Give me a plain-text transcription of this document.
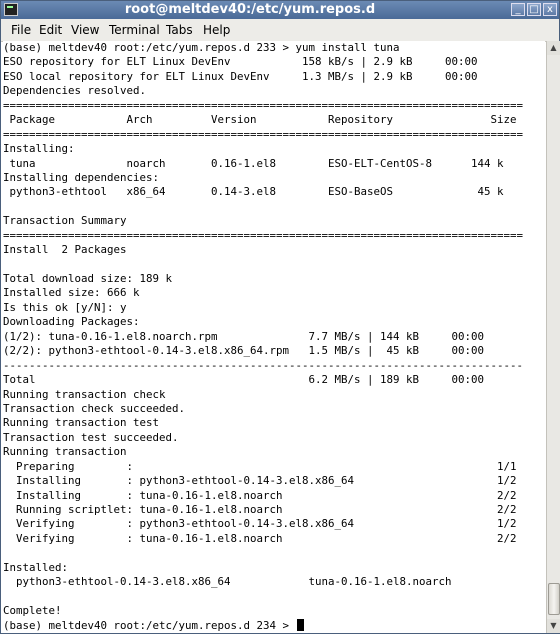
root@meltdev40:/etc/yum.repos.d	_ □ x
File Edit View Terminal Tabs Help
(base) meltdev40 root:/etc/yum.repos.d 233 > yum install tuna
ESO repository for ELT Linux DevEnv           158 kB/s | 2.9 kB     00:00
ESO local repository for ELT Linux DevEnv     1.3 MB/s | 2.9 kB     00:00
Dependencies resolved.
================================================================================
Package           Arch         Version           Repository               Size
================================================================================
Installing:
tuna              noarch       0.16-1.el8        ESO-ELT-CentOS-8      144 k
Installing dependencies:
python3-ethtool   x86_64       0.14-3.el8        ESO-BaseOS             45 k
Transaction Summary
================================================================================
Install  2 Packages
Total download size: 189 k
Installed size: 666 k
Is this ok [y/N]: y
Downloading Packages:
(1/2): tuna-0.16-1.el8.noarch.rpm              7.7 MB/s | 144 kB     00:00
(2/2): python3-ethtool-0.14-3.el8.x86_64.rpm   1.5 MB/s |  45 kB     00:00
--------------------------------------------------------------------------------
Total                                          6.2 MB/s | 189 kB     00:00
Running transaction check
Transaction check succeeded.
Running transaction test
Transaction test succeeded.
Running transaction
Preparing        :                                                        1/1
Installing       : python3-ethtool-0.14-3.el8.x86_64                      1/2
Installing       : tuna-0.16-1.el8.noarch                                 2/2
Running scriptlet: tuna-0.16-1.el8.noarch                                 2/2
Verifying        : python3-ethtool-0.14-3.el8.x86_64                      1/2
Verifying        : tuna-0.16-1.el8.noarch                                 2/2
Installed:
python3-ethtool-0.14-3.el8.x86_64            tuna-0.16-1.el8.noarch
Complete!
(base) meltdev40 root:/etc/yum.repos.d 234 >
▲
▼
